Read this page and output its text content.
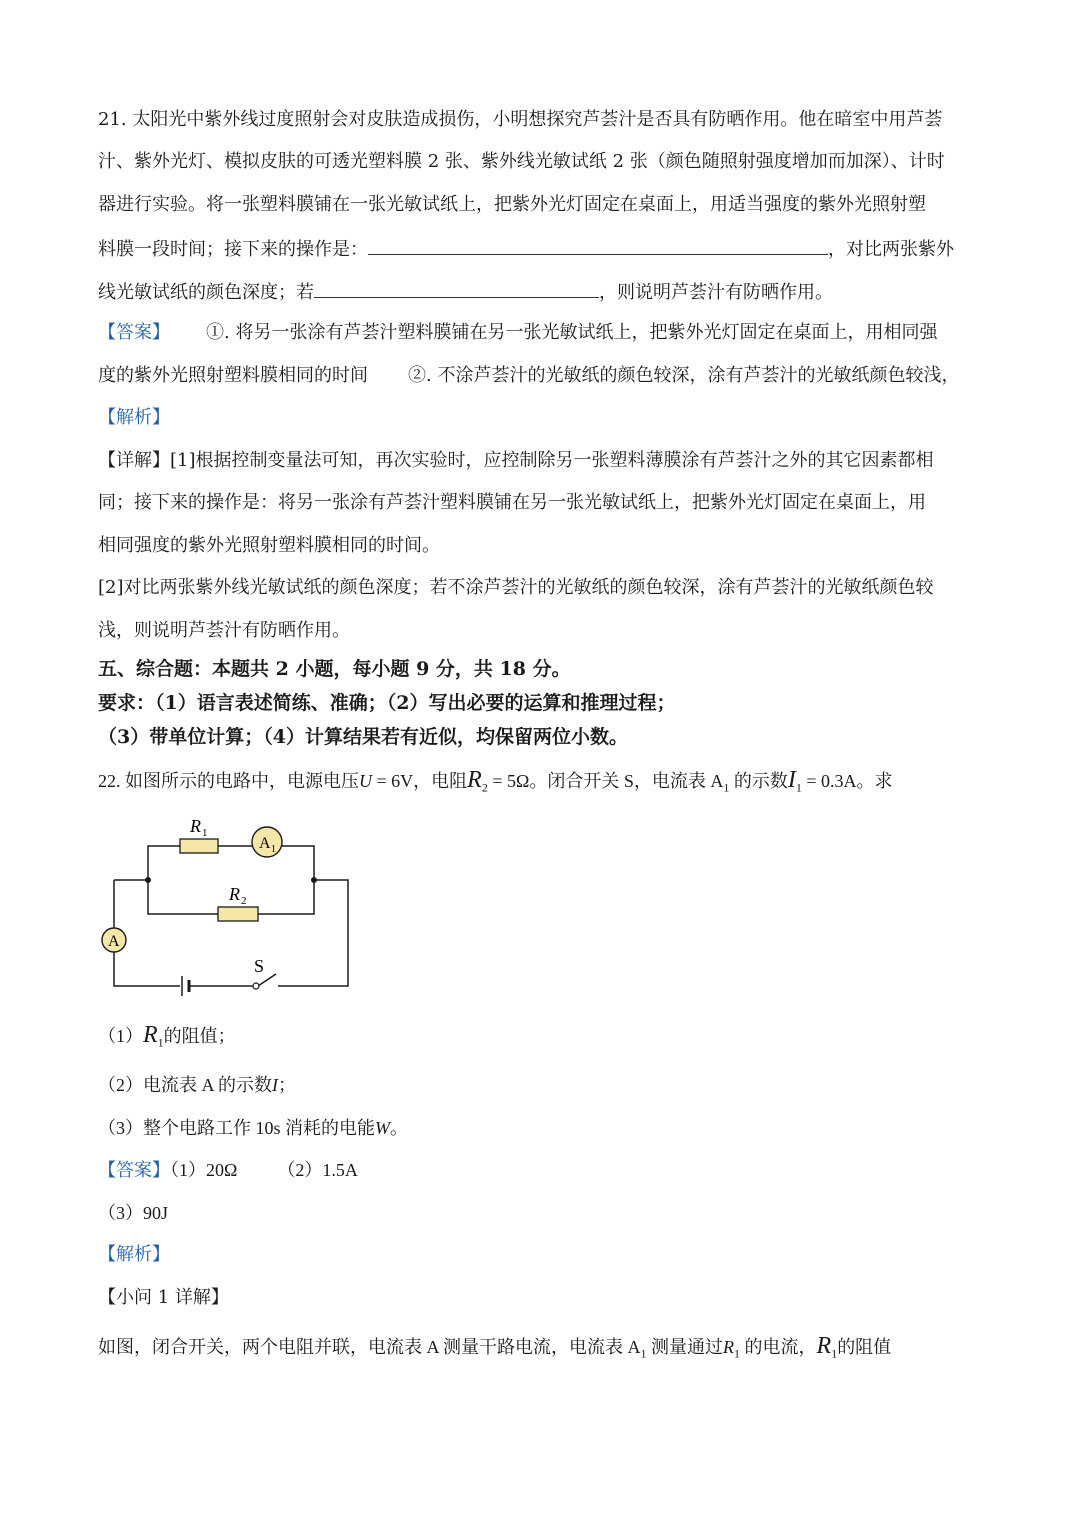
21. 太阳光中紫外线过度照射会对皮肤造成损伤，小明想探究芦荟汁是否具有防晒作用。他在暗室中用芦荟
汁、紫外光灯、模拟皮肤的可透光塑料膜 2 张、紫外线光敏试纸 2 张（颜色随照射强度增加而加深）、计时
器进行实验。将一张塑料膜铺在一张光敏试纸上，把紫外光灯固定在桌面上，用适当强度的紫外光照射塑
料膜一段时间；接下来的操作是：	，对比两张紫外
线光敏试纸的颜色深度；若	，则说明芦荟汁有防晒作用。
【答案】 ①. 将另一张涂有芦荟汁塑料膜铺在另一张光敏试纸上，把紫外光灯固定在桌面上，用相同强
度的紫外光照射塑料膜相同的时间 ②. 不涂芦荟汁的光敏纸的颜色较深，涂有芦荟汁的光敏纸颜色较浅，
【解析】
【详解】[1]根据控制变量法可知，再次实验时，应控制除另一张塑料薄膜涂有芦荟汁之外的其它因素都相
同；接下来的操作是：将另一张涂有芦荟汁塑料膜铺在另一张光敏试纸上，把紫外光灯固定在桌面上，用
相同强度的紫外光照射塑料膜相同的时间。
[2]对比两张紫外线光敏试纸的颜色深度；若不涂芦荟汁的光敏纸的颜色较深，涂有芦荟汁的光敏纸颜色较
浅，则说明芦荟汁有防晒作用。
五、综合题：本题共 2 小题，每小题 9 分，共 18 分。
要求：（1）语言表述简练、准确；（2）写出必要的运算和推理过程；
（3）带单位计算；（4）计算结果若有近似，均保留两位小数。
22. 如图所示的电路中，电源电压U = 6V，电阻$R_2 = 5\Omega$。闭合开关 S，电流表 $A_1$ 的示数$I_1 = 0.3A$。求
R 1
R 2
A 1
A
S
$(1)R_1$的阻值；
（2）电流表 A 的示数I；
（3）整个电路工作 10s 消耗的电能W。
【答案】（1）20Ω （2）1.5A
（3）90J
【解析】
【小问 1 详解】
如图，闭合开关，两个电阻并联，电流表 A 测量干路电流，电流表 $A_1$ 测量通过$R_1$ 的电流，$R_1$的阻值
